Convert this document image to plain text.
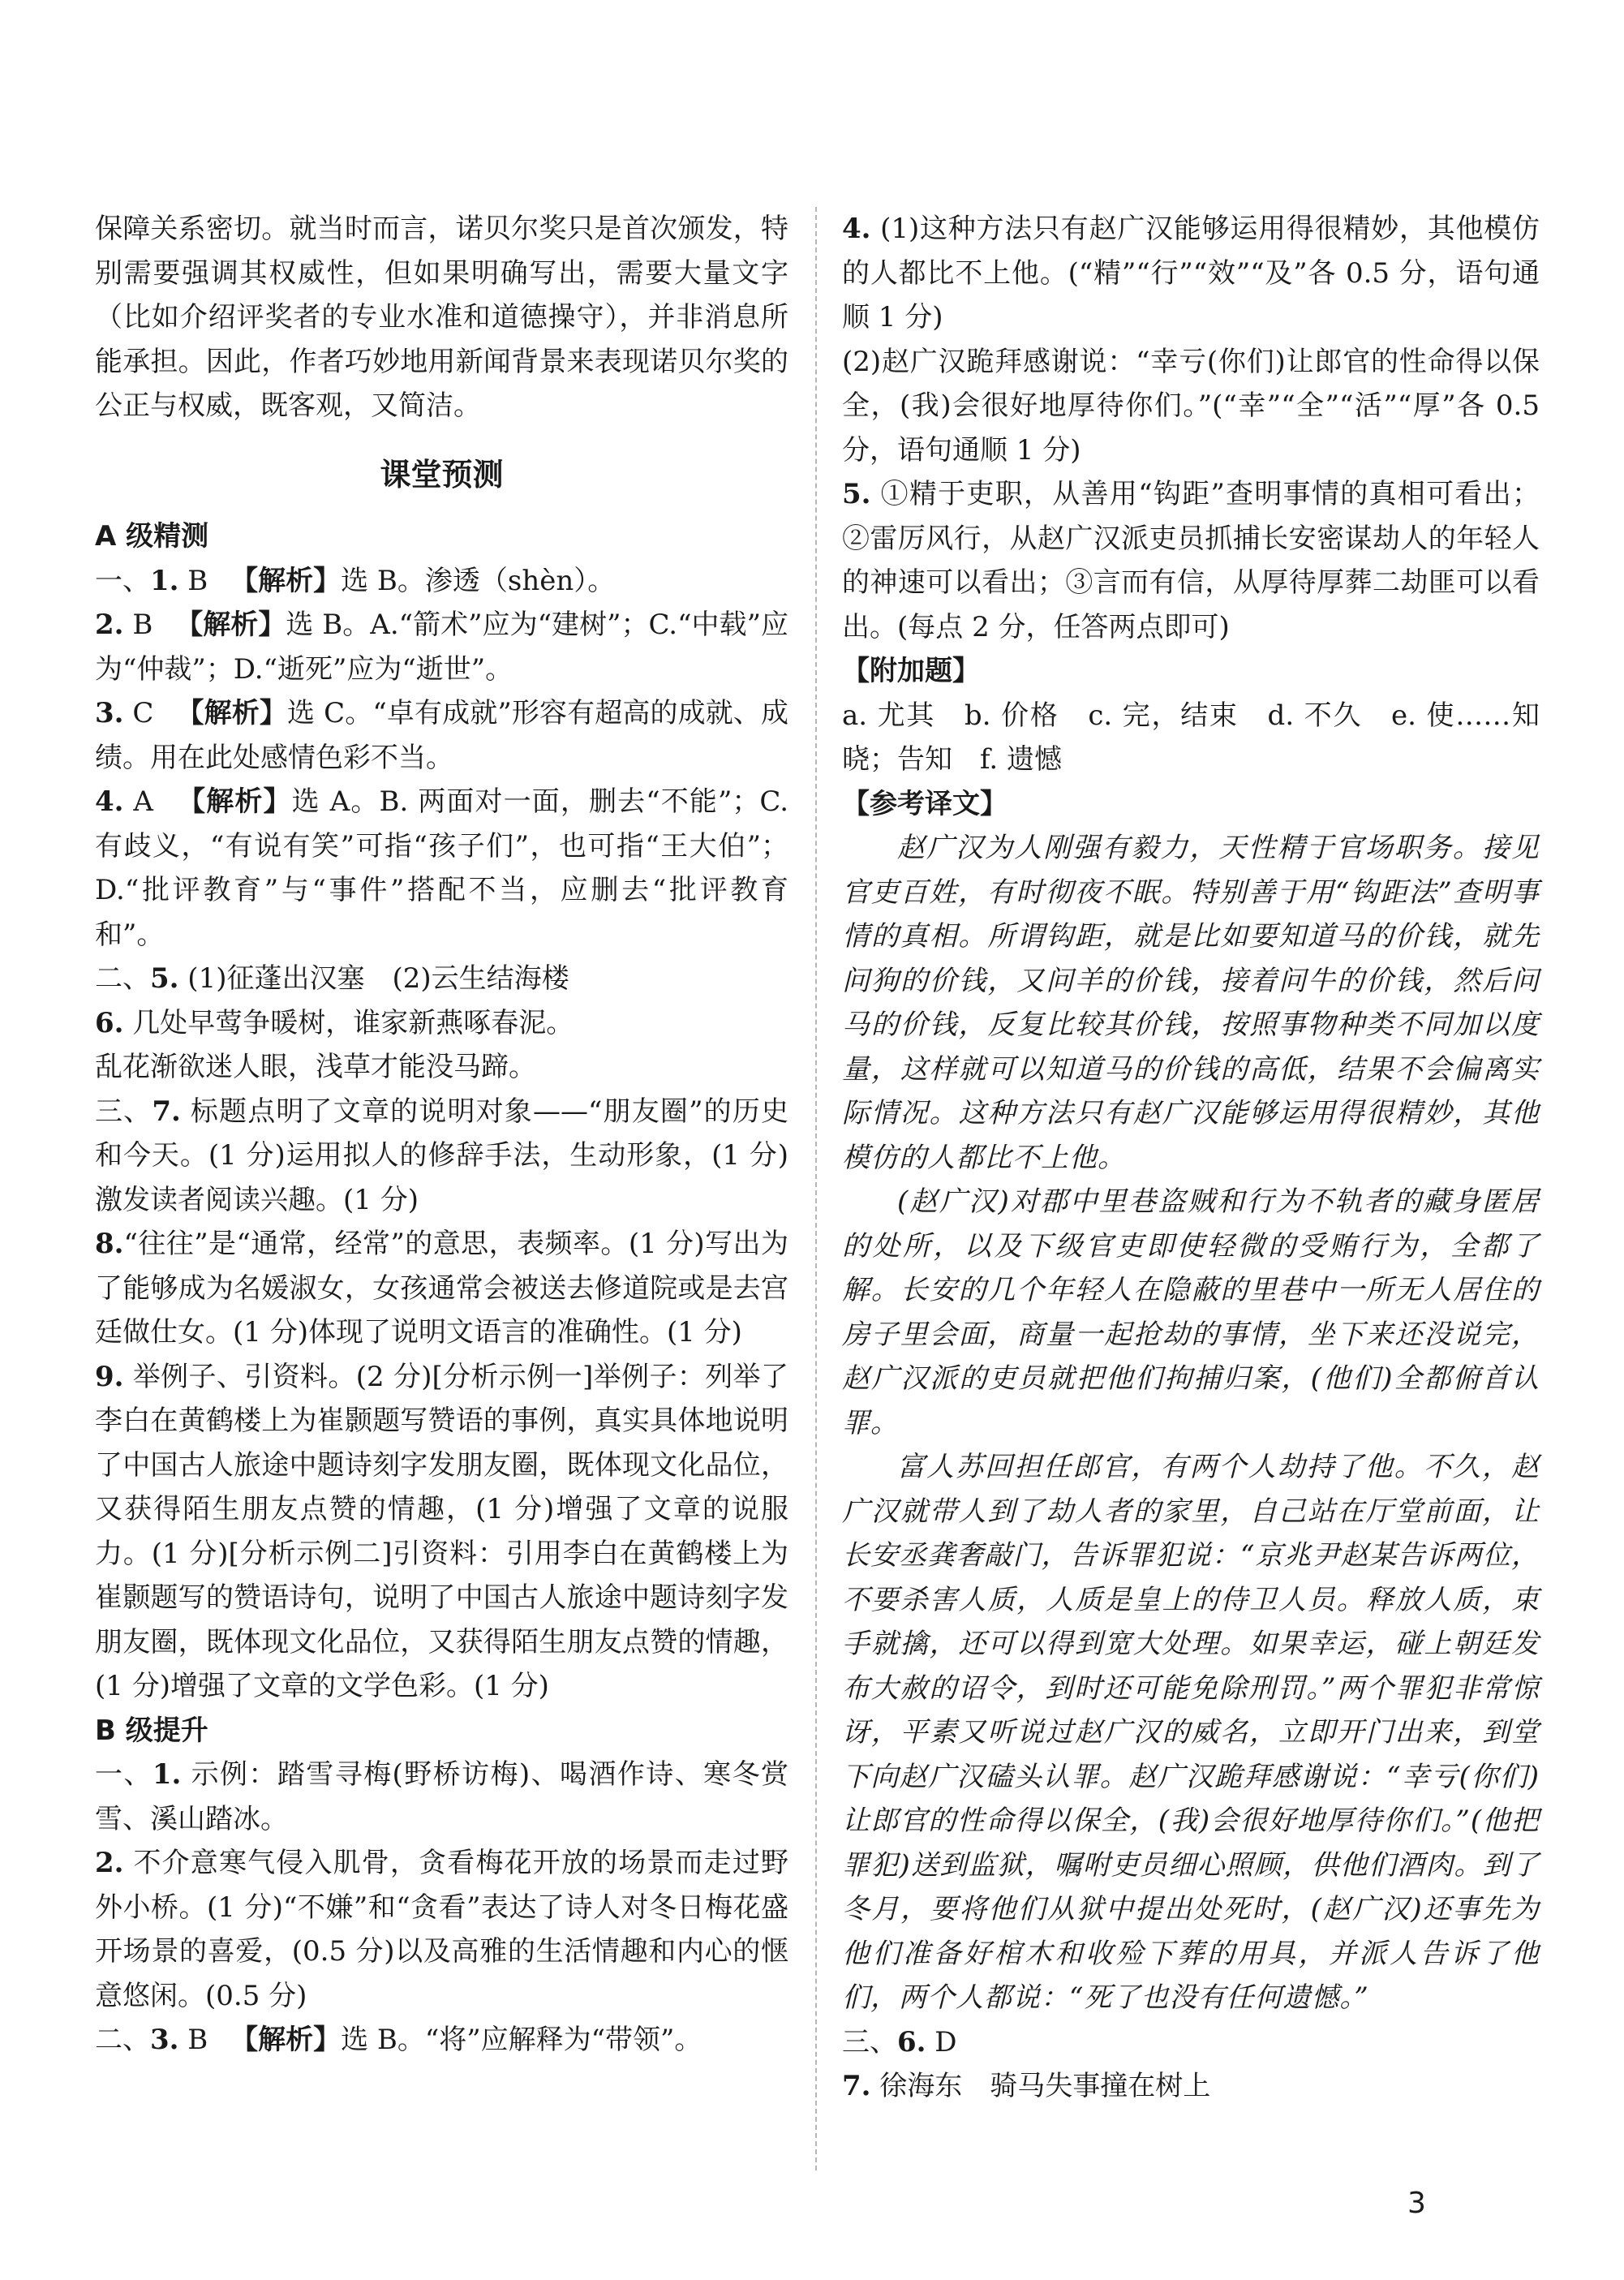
保障关系密切。就当时而言，诺贝尔奖只是首次颁发，特别需要强调其权威性，但如果明确写出，需要大量文字（比如介绍评奖者的专业水准和道德操守），并非消息所能承担。因此，作者巧妙地用新闻背景来表现诺贝尔奖的公正与权威，既客观，又简洁。

课堂预测

A 级精测

一、1. B 　【解析】选 B。渗透（shèn）。

2. B 　【解析】选 B。A.“箭术”应为“建树”；C.“中载”应为“仲裁”；D.“逝死”应为“逝世”。

3. C 　【解析】选 C。“卓有成就”形容有超高的成就、成绩。用在此处感情色彩不当。

4. A 　【解析】选 A。B. 两面对一面，删去“不能”；C. 有歧义，“有说有笑”可指“孩子们”，也可指“王大伯”；D.“批评教育”与“事件”搭配不当，应删去“批评教育和”。

二、5. (1)征蓬出汉塞　(2)云生结海楼

6. 几处早莺争暖树，谁家新燕啄春泥。

乱花渐欲迷人眼，浅草才能没马蹄。

三、7. 标题点明了文章的说明对象——“朋友圈”的历史和今天。(1 分)运用拟人的修辞手法，生动形象，(1 分)激发读者阅读兴趣。(1 分)

8.“往往”是“通常，经常”的意思，表频率。(1 分)写出为了能够成为名媛淑女，女孩通常会被送去修道院或是去宫廷做仕女。(1 分)体现了说明文语言的准确性。(1 分)

9. 举例子、引资料。(2 分)[分析示例一]举例子：列举了李白在黄鹤楼上为崔颢题写赞语的事例，真实具体地说明了中国古人旅途中题诗刻字发朋友圈，既体现文化品位，又获得陌生朋友点赞的情趣，(1 分)增强了文章的说服力。(1 分)[分析示例二]引资料：引用李白在黄鹤楼上为崔颢题写的赞语诗句，说明了中国古人旅途中题诗刻字发朋友圈，既体现文化品位，又获得陌生朋友点赞的情趣，(1 分)增强了文章的文学色彩。(1 分)

B 级提升

一、1. 示例：踏雪寻梅(野桥访梅)、喝酒作诗、寒冬赏雪、溪山踏冰。

2. 不介意寒气侵入肌骨，贪看梅花开放的场景而走过野外小桥。(1 分)“不嫌”和“贪看”表达了诗人对冬日梅花盛开场景的喜爱，(0.5 分)以及高雅的生活情趣和内心的惬意悠闲。(0.5 分)

二、3. B 　【解析】选 B。“将”应解释为“带领”。

4. (1)这种方法只有赵广汉能够运用得很精妙，其他模仿的人都比不上他。(“精”“行”“效”“及”各 0.5 分，语句通顺 1 分)

(2)赵广汉跪拜感谢说：“幸亏(你们)让郎官的性命得以保全，(我)会很好地厚待你们。”(“幸”“全”“活”“厚”各 0.5 分，语句通顺 1 分)

5. ①精于吏职，从善用“钩距”查明事情的真相可看出；②雷厉风行，从赵广汉派吏员抓捕长安密谋劫人的年轻人的神速可以看出；③言而有信，从厚待厚葬二劫匪可以看出。(每点 2 分，任答两点即可)

【附加题】

a. 尤其　b. 价格　c. 完，结束　d. 不久　e. 使……知晓；告知　f. 遗憾

【参考译文】

赵广汉为人刚强有毅力，天性精于官场职务。接见官吏百姓，有时彻夜不眠。特别善于用“钩距法”查明事情的真相。所谓钩距，就是比如要知道马的价钱，就先问狗的价钱，又问羊的价钱，接着问牛的价钱，然后问马的价钱，反复比较其价钱，按照事物种类不同加以度量，这样就可以知道马的价钱的高低，结果不会偏离实际情况。这种方法只有赵广汉能够运用得很精妙，其他模仿的人都比不上他。

(赵广汉)对郡中里巷盗贼和行为不轨者的藏身匿居的处所，以及下级官吏即使轻微的受贿行为，全都了解。长安的几个年轻人在隐蔽的里巷中一所无人居住的房子里会面，商量一起抢劫的事情，坐下来还没说完，赵广汉派的吏员就把他们拘捕归案，(他们)全都俯首认罪。

富人苏回担任郎官，有两个人劫持了他。不久，赵广汉就带人到了劫人者的家里，自己站在厅堂前面，让长安丞龚奢敲门，告诉罪犯说：“京兆尹赵某告诉两位，不要杀害人质，人质是皇上的侍卫人员。释放人质，束手就擒，还可以得到宽大处理。如果幸运，碰上朝廷发布大赦的诏令，到时还可能免除刑罚。”两个罪犯非常惊讶，平素又听说过赵广汉的威名，立即开门出来，到堂下向赵广汉磕头认罪。赵广汉跪拜感谢说：“幸亏(你们)让郎官的性命得以保全，(我)会很好地厚待你们。”(他把罪犯)送到监狱，嘱咐吏员细心照顾，供他们酒肉。到了冬月，要将他们从狱中提出处死时，(赵广汉)还事先为他们准备好棺木和收殓下葬的用具，并派人告诉了他们，两个人都说：“死了也没有任何遗憾。”

三、6. D

7. 徐海东　骑马失事撞在树上

3
